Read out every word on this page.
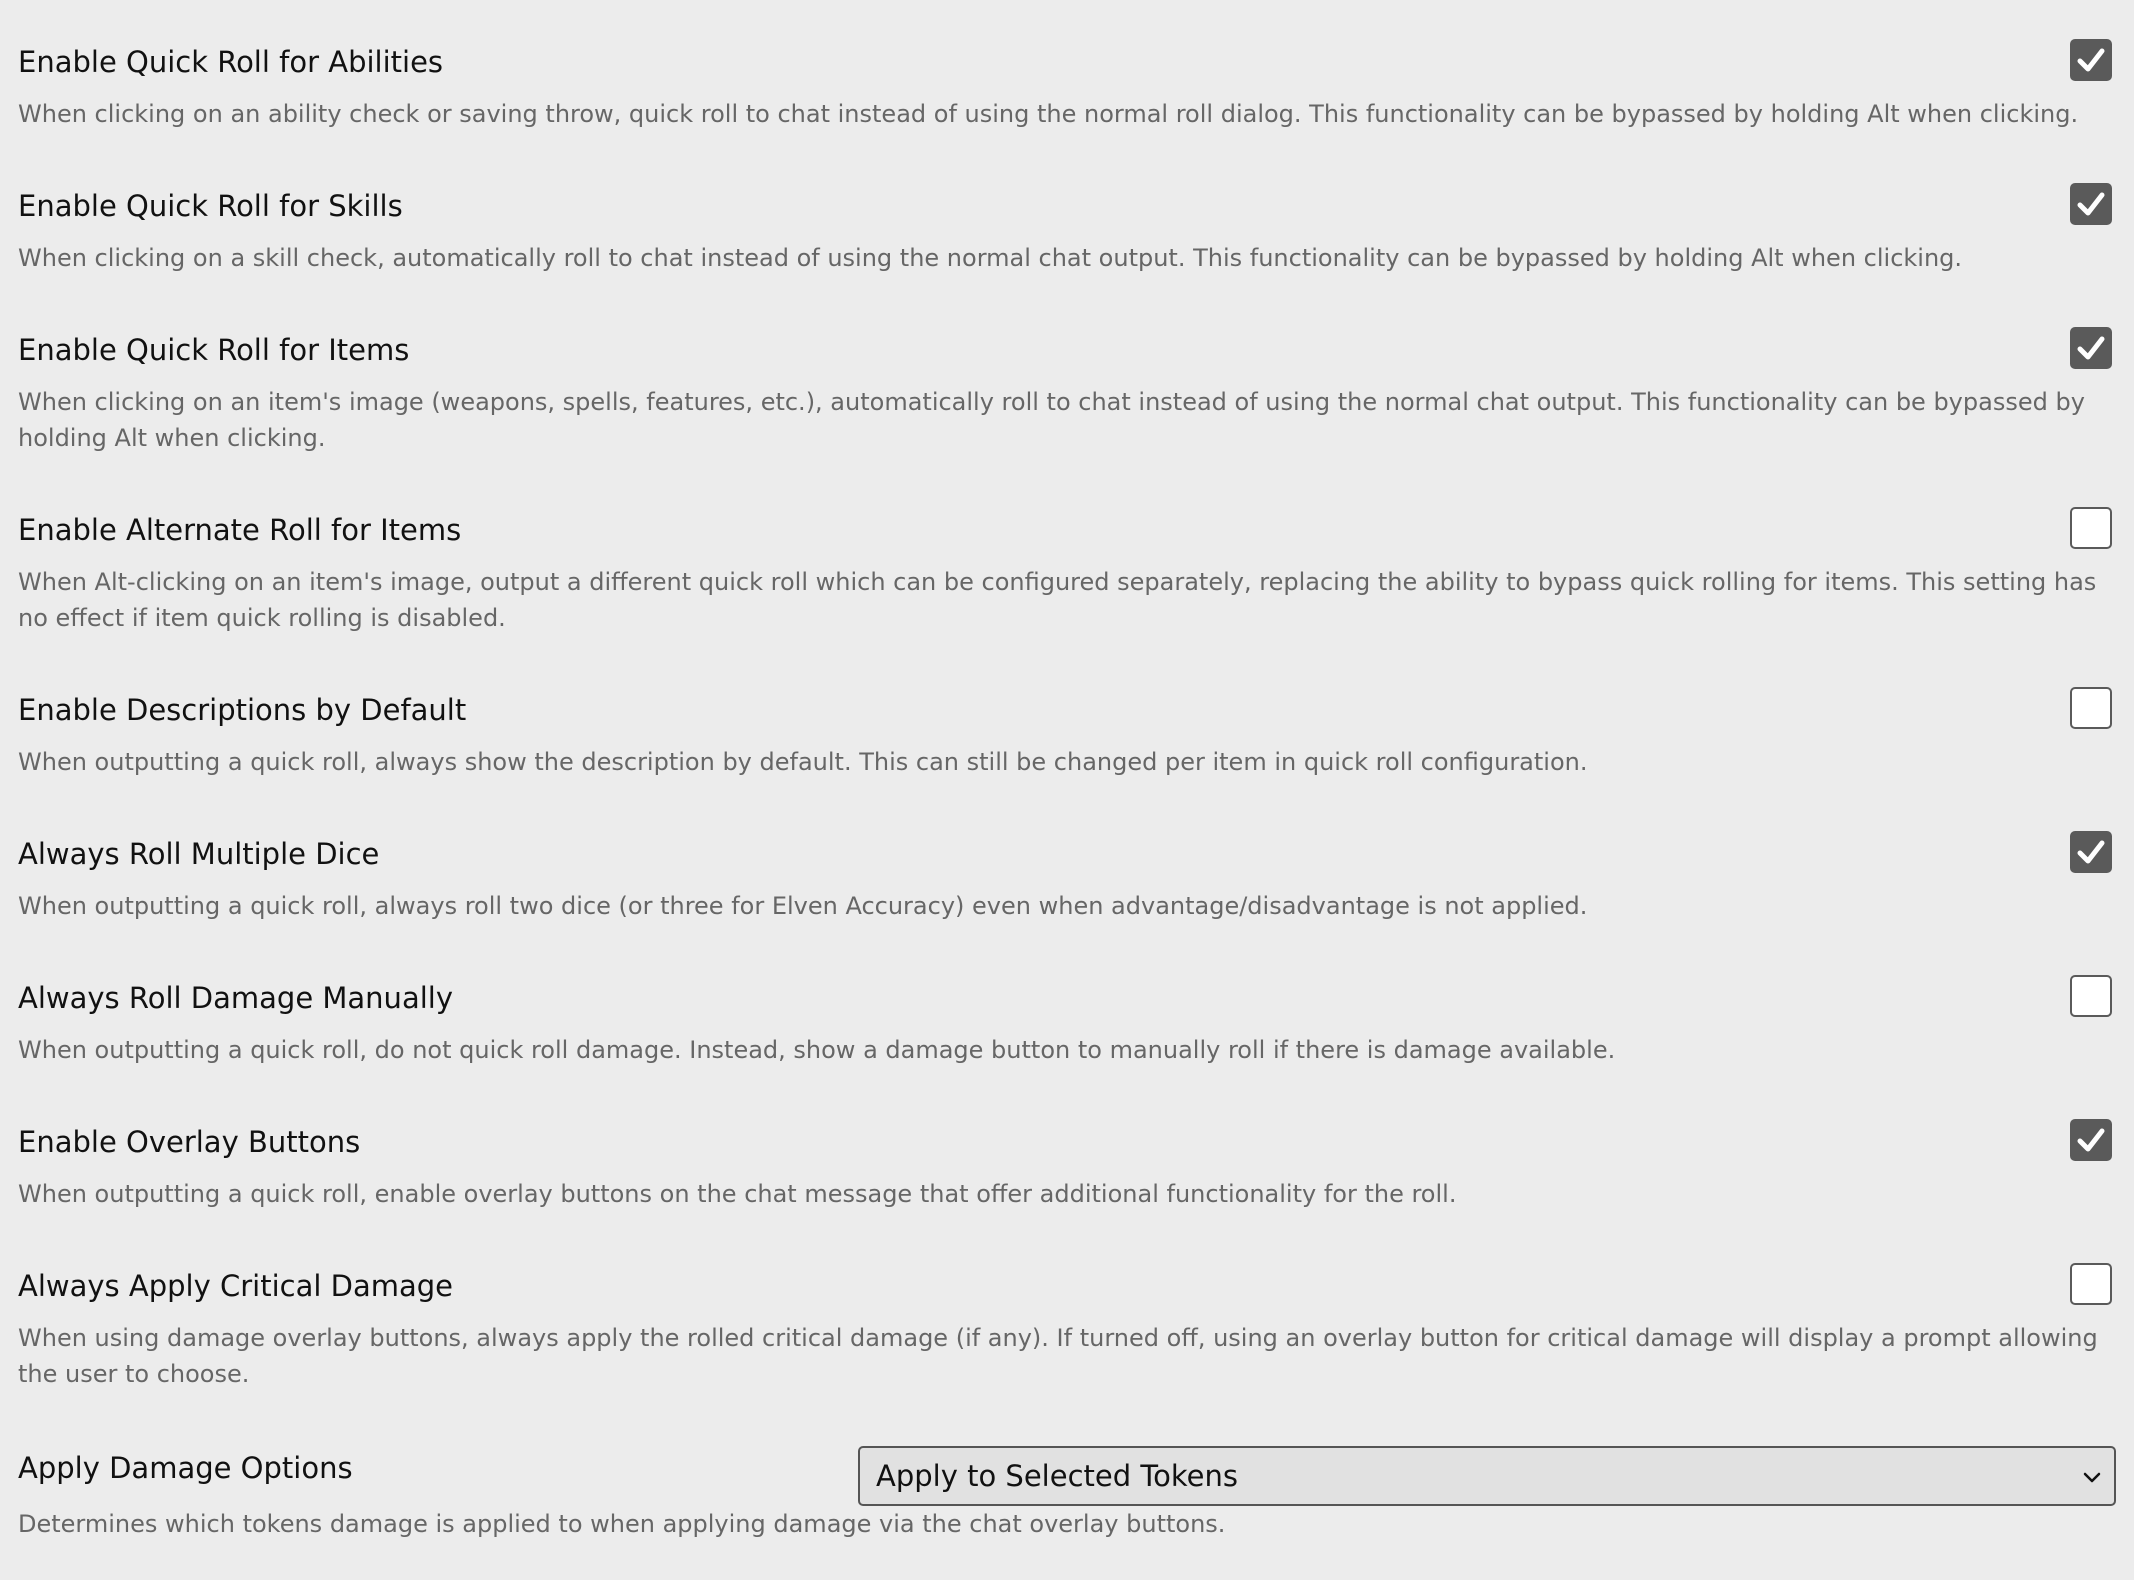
Enable Quick Roll for Abilities
When clicking on an ability check or saving throw, quick roll to chat instead of using the normal roll dialog. This functionality can be bypassed by holding Alt when clicking.
Enable Quick Roll for Skills
When clicking on a skill check, automatically roll to chat instead of using the normal chat output. This functionality can be bypassed by holding Alt when clicking.
Enable Quick Roll for Items
When clicking on an item's image (weapons, spells, features, etc.), automatically roll to chat instead of using the normal chat output. This functionality can be bypassed by holding Alt when clicking.
Enable Alternate Roll for Items
When Alt-clicking on an item's image, output a different quick roll which can be configured separately, replacing the ability to bypass quick rolling for items. This setting has no effect if item quick rolling is disabled.
Enable Descriptions by Default
When outputting a quick roll, always show the description by default. This can still be changed per item in quick roll configuration.
Always Roll Multiple Dice
When outputting a quick roll, always roll two dice (or three for Elven Accuracy) even when advantage/disadvantage is not applied.
Always Roll Damage Manually
When outputting a quick roll, do not quick roll damage. Instead, show a damage button to manually roll if there is damage available.
Enable Overlay Buttons
When outputting a quick roll, enable overlay buttons on the chat message that offer additional functionality for the roll.
Always Apply Critical Damage
When using damage overlay buttons, always apply the rolled critical damage (if any). If turned off, using an overlay button for critical damage will display a prompt allowing the user to choose.
Apply Damage Options	Apply to Selected Tokens
Determines which tokens damage is applied to when applying damage via the chat overlay buttons.
